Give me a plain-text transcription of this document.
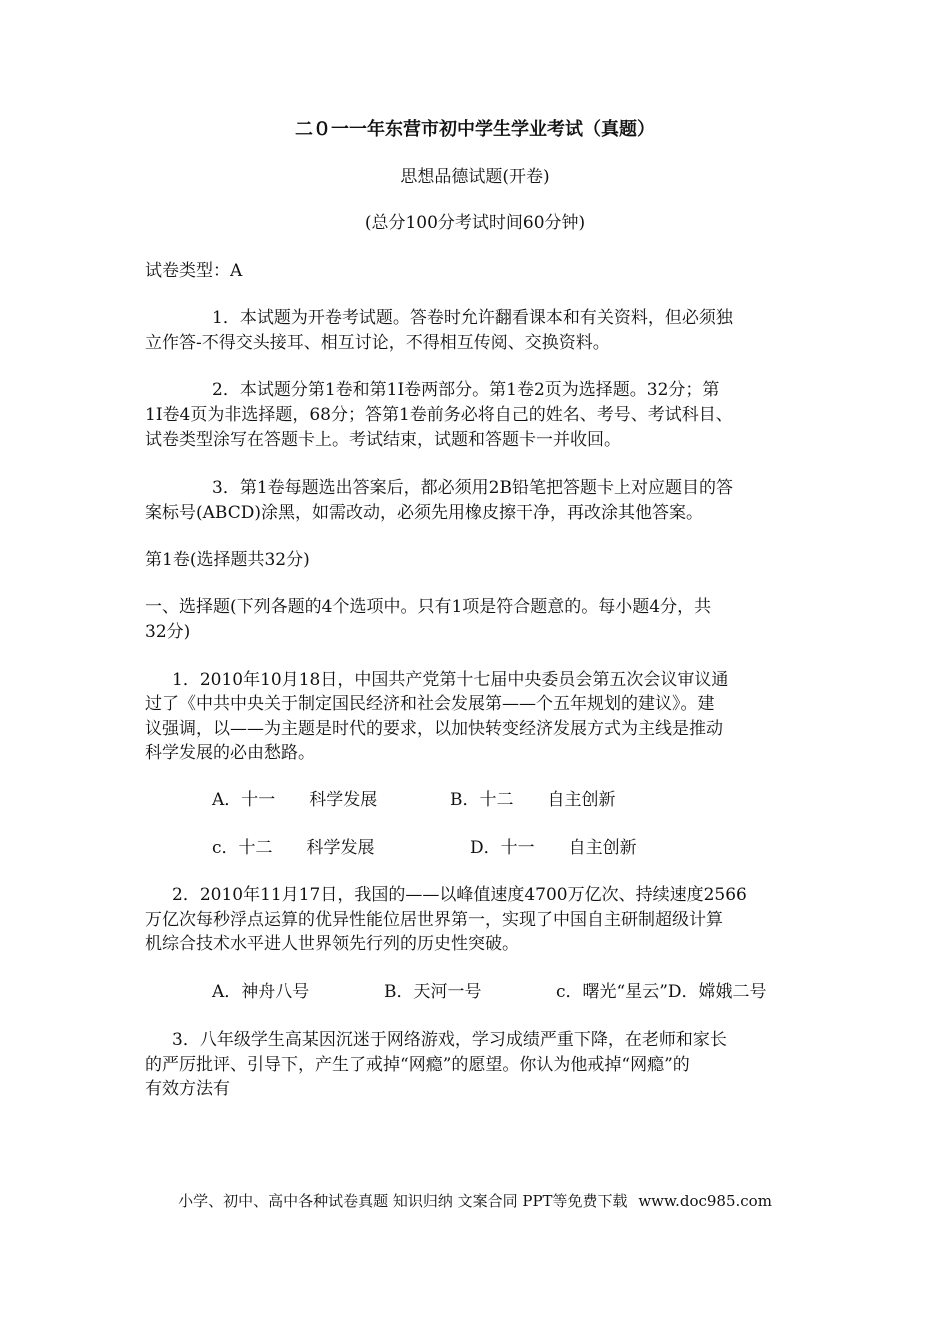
二０一一年东营市初中学生学业考试（真题）
思想品德试题(开卷)
(总分100分考试时间60分钟)
试卷类型：A
1．本试题为开卷考试题。答卷时允许翻看课本和有关资料，但必须独
立作答-不得交头接耳、相互讨论，不得相互传阅、交换资料。
2．本试题分第1卷和第1I卷两部分。第1卷2页为选择题。32分；第
1I卷4页为非选择题，68分；答第1卷前务必将自己的姓名、考号、考试科目、
试卷类型涂写在答题卡上。考试结束，试题和答题卡一并收回。
3．第1卷每题选出答案后，都必须用2B铅笔把答题卡上对应题目的答
案标号(ABCD)涂黑，如需改动，必须先用橡皮擦干净，再改涂其他答案。
第1卷(选择题共32分)
一、选择题(下列各题的4个选项中。只有1项是符合题意的。每小题4分，共
32分)
1．2010年10月18日，中国共产党第十七届中央委员会第五次会议审议通
过了《中共中央关于制定国民经济和社会发展第——个五年规划的建议》。建
议强调，以——为主题是时代的要求，以加快转变经济发展方式为主线是推动
科学发展的必由愁路。
A．十一　　科学发展	B．十二　　自主创新
c．十二　　科学发展	D．十一　　自主创新
2．2010年11月17日，我国的——以峰值速度4700万亿次、持续速度2566
万亿次每秒浮点运算的优异性能位居世界第一，实现了中国自主研制超级计算
机综合技术水平进人世界领先行列的历史性突破。
A．神舟八号	B．天河一号	c．曙光“星云”D．嫦娥二号
3．八年级学生高某因沉迷于网络游戏，学习成绩严重下降，在老师和家长
的严厉批评、引导下，产生了戒掉“网瘾”的愿望。你认为他戒掉“网瘾”的
有效方法有
小学、初中、高中各种试卷真题 知识归纳 文案合同 PPT等免费下载 www.doc985.com
